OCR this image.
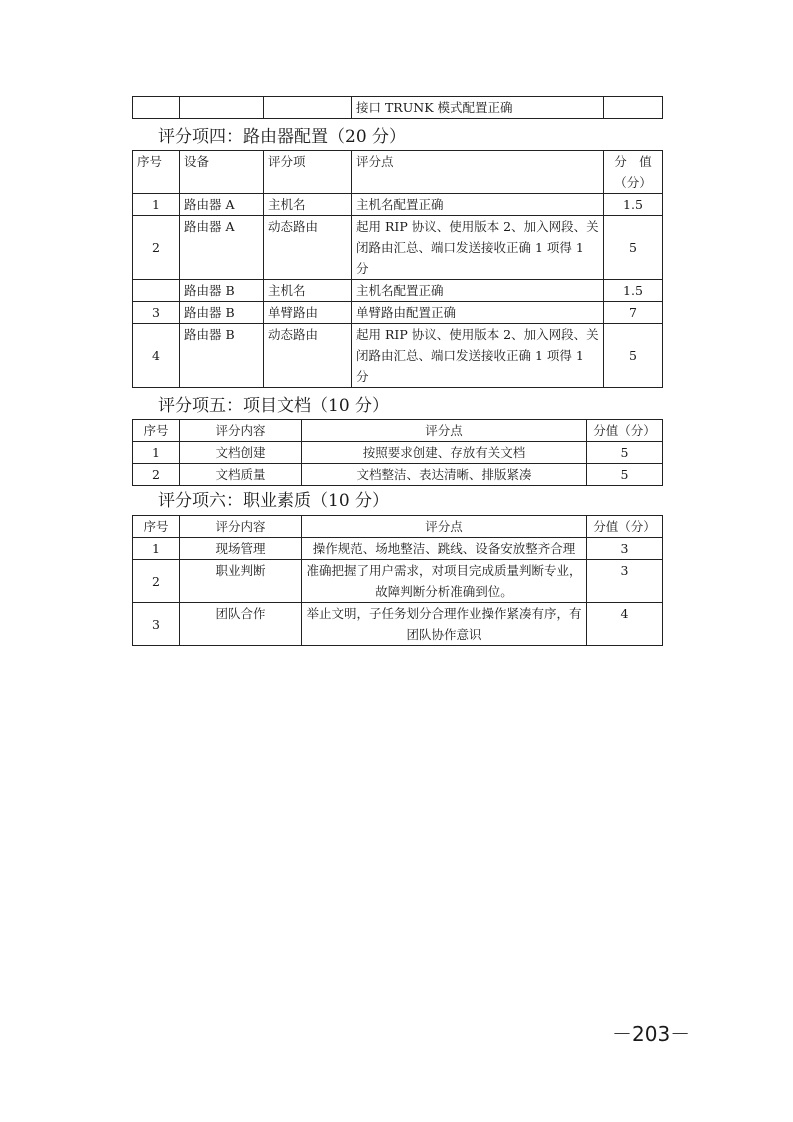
			接口 TRUNK 模式配置正确	
评分项四：路由器配置（20 分）
序号	设备	评分项	评分点	分　值（分）
1	路由器 A	主机名	主机名配置正确	1.5
2	路由器 A	动态路由	起用 RIP 协议、使用版本 2、加入网段、关闭路由汇总、端口发送接收正确 1 项得 1 分	5
	路由器 B	主机名	主机名配置正确	1.5
3	路由器 B	单臂路由	单臂路由配置正确	7
4	路由器 B	动态路由	起用 RIP 协议、使用版本 2、加入网段、关闭路由汇总、端口发送接收正确 1 项得 1 分	5
评分项五：项目文档（10 分）
序号	评分内容	评分点	分值（分）
1	文档创建	按照要求创建、存放有关文档	5
2	文档质量	文档整洁、表达清晰、排版紧凑	5
评分项六：职业素质（10 分）
序号	评分内容	评分点	分值（分）
1	现场管理	操作规范、场地整洁、跳线、设备安放整齐合理	3
2	职业判断	准确把握了用户需求，对项目完成质量判断专业，故障判断分析准确到位。	3
3	团队合作	举止文明，子任务划分合理作业操作紧凑有序，有团队协作意识	4
－203－
